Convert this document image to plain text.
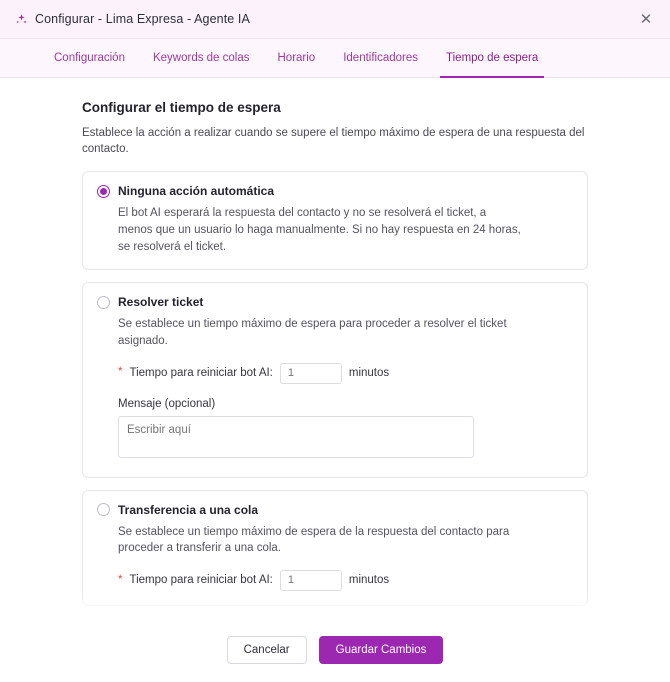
Configurar - Lima Expresa - Agente IA	✕
Configuración	Keywords de colas	Horario	Identificadores	Tiempo de espera
Configurar el tiempo de espera
Establece la acción a realizar cuando se supere el tiempo máximo de espera de una respuesta del contacto.
Ninguna acción automática
El bot AI esperará la respuesta del contacto y no se resolverá el ticket, a menos que un usuario lo haga manualmente. Si no hay respuesta en 24 horas, se resolverá el ticket.
Resolver ticket
Se establece un tiempo máximo de espera para proceder a resolver el ticket asignado.
* Tiempo para reiniciar bot AI:
1	minutos
Mensaje (opcional)
Escribir aquí
Transferencia a una cola
Se establece un tiempo máximo de espera de la respuesta del contacto para proceder a transferir a una cola.
* Tiempo para reiniciar bot AI:
1	minutos
Cancelar	Guardar Cambios
